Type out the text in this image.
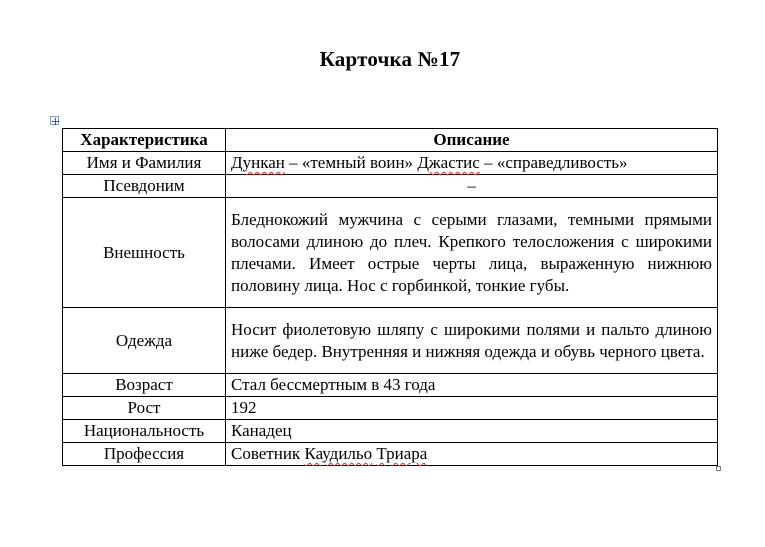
Карточка №17
Характеристика	Описание
Имя и Фамилия	Дункан – «темный воин» Джастис – «справедливость»
Псевдоним	–
Внешность	Бледнокожий мужчина с серыми глазами, темными прямыми волосами длиною до плеч. Крепкого телосложения с широкими плечами. Имеет острые черты лица, выраженную нижнюю половину лица. Нос с горбинкой, тонкие губы.
Одежда	Носит фиолетовую шляпу с широкими полями и пальто длиною ниже бедер. Внутренняя и нижняя одежда и обувь черного цвета.
Возраст	Стал бессмертным в 43 года
Рост	192
Национальность	Канадец
Профессия	Советник Каудильо Триара
